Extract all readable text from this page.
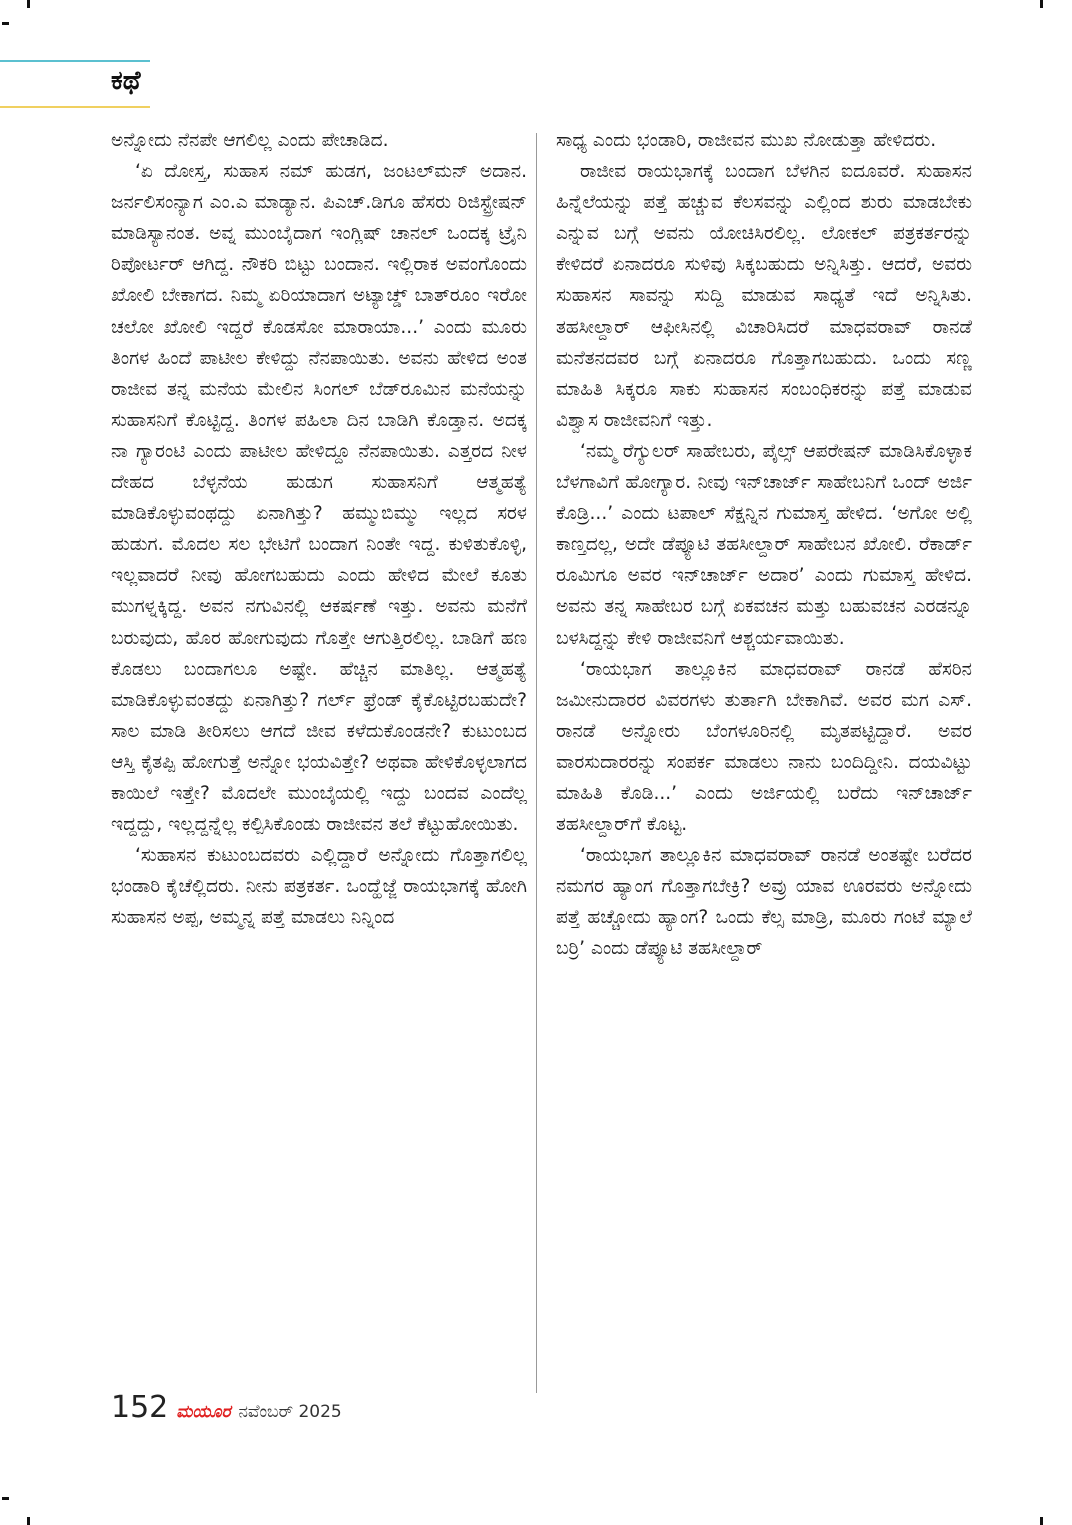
ಕಥೆ

ಅನ್ನೋದು ನೆನಪೇ ಆಗಲಿಲ್ಲ ಎಂದು ಪೇಚಾಡಿದ.

‘ಏ ದೋಸ್ತ, ಸುಹಾಸ ನಮ್ ಹುಡಗ, ಜಂಟಲ್‌ಮನ್ ಅದಾನ. ಜರ್ನಲಿಸಂನ್ಯಾಗ ಎಂ.ಎ ಮಾಡ್ಯಾನ. ಪಿಎಚ್.ಡಿಗೂ ಹೆಸರು ರಿಜಿಸ್ಟ್ರೇಷನ್ ಮಾಡಿಸ್ಯಾನಂತ. ಅವ್ನ ಮುಂಬೈದಾಗ ಇಂಗ್ಲಿಷ್ ಚಾನಲ್ ಒಂದಕ್ಕ ಟ್ರೈನಿ ರಿಪೋರ್ಟರ್ ಆಗಿದ್ದ. ನೌಕರಿ ಬಿಟ್ಟು ಬಂದಾನ. ಇಲ್ಲಿರಾಕ ಅವಂಗೊಂದು ಖೋಲಿ ಬೇಕಾಗದ. ನಿಮ್ಮ ಏರಿಯಾದಾಗ ಅಟ್ಯಾಚ್ಡ್ ಬಾತ್‌ರೂಂ ಇರೋ ಚಲೋ ಖೋಲಿ ಇದ್ದರೆ ಕೊಡಸೋ ಮಾರಾಯಾ...’ ಎಂದು ಮೂರು ತಿಂಗಳ ಹಿಂದೆ ಪಾಟೀಲ ಕೇಳಿದ್ದು ನೆನಪಾಯಿತು. ಅವನು ಹೇಳಿದ ಅಂತ ರಾಜೀವ ತನ್ನ ಮನೆಯ ಮೇಲಿನ ಸಿಂಗಲ್ ಬೆಡ್‌ರೂಮಿನ ಮನೆಯನ್ನು ಸುಹಾಸನಿಗೆ ಕೊಟ್ಟಿದ್ದ. ತಿಂಗಳ ಪಹಿಲಾ ದಿನ ಬಾಡಿಗಿ ಕೊಡ್ತಾನ. ಅದಕ್ಕ ನಾ ಗ್ಯಾರಂಟಿ ಎಂದು ಪಾಟೀಲ ಹೇಳಿದ್ದೂ ನೆನಪಾಯಿತು. ಎತ್ತರದ ನೀಳ ದೇಹದ ಬೆಳ್ಳನೆಯ ಹುಡುಗ ಸುಹಾಸನಿಗೆ ಆತ್ಮಹತ್ಯೆ ಮಾಡಿಕೊಳ್ಳುವಂಥದ್ದು ಏನಾಗಿತ್ತು? ಹಮ್ಮುಬಿಮ್ಮು ಇಲ್ಲದ ಸರಳ ಹುಡುಗ. ಮೊದಲ ಸಲ ಭೇಟಿಗೆ ಬಂದಾಗ ನಿಂತೇ ಇದ್ದ. ಕುಳಿತುಕೊಳ್ಳಿ, ಇಲ್ಲವಾದರೆ ನೀವು ಹೋಗಬಹುದು ಎಂದು ಹೇಳಿದ ಮೇಲೆ ಕೂತು ಮುಗಳ್ನಕ್ಕಿದ್ದ. ಅವನ ನಗುವಿನಲ್ಲಿ ಆಕರ್ಷಣೆ ಇತ್ತು. ಅವನು ಮನೆಗೆ ಬರುವುದು, ಹೊರ ಹೋಗುವುದು ಗೊತ್ತೇ ಆಗುತ್ತಿರಲಿಲ್ಲ. ಬಾಡಿಗೆ ಹಣ ಕೊಡಲು ಬಂದಾಗಲೂ ಅಷ್ಟೇ. ಹೆಚ್ಚಿನ ಮಾತಿಲ್ಲ. ಆತ್ಮಹತ್ಯೆ ಮಾಡಿಕೊಳ್ಳುವಂತದ್ದು ಏನಾಗಿತ್ತು? ಗರ್ಲ್ ಫ್ರೆಂಡ್ ಕೈಕೊಟ್ಟಿರಬಹುದೇ? ಸಾಲ ಮಾಡಿ ತೀರಿಸಲು ಆಗದೆ ಜೀವ ಕಳೆದುಕೊಂಡನೇ? ಕುಟುಂಬದ ಆಸ್ತಿ ಕೈತಪ್ಪಿ ಹೋಗುತ್ತೆ ಅನ್ನೋ ಭಯವಿತ್ತೇ? ಅಥವಾ ಹೇಳಿಕೊಳ್ಳಲಾಗದ ಕಾಯಿಲೆ ಇತ್ತೇ? ಮೊದಲೇ ಮುಂಬೈಯಲ್ಲಿ ಇದ್ದು ಬಂದವ ಎಂದೆಲ್ಲ ಇದ್ದದ್ದು, ಇಲ್ಲದ್ದನ್ನೆಲ್ಲ ಕಲ್ಪಿಸಿಕೊಂಡು ರಾಜೀವನ ತಲೆ ಕೆಟ್ಟುಹೋಯಿತು.

‘ಸುಹಾಸನ ಕುಟುಂಬದವರು ಎಲ್ಲಿದ್ದಾರೆ ಅನ್ನೋದು ಗೊತ್ತಾಗಲಿಲ್ಲ ಭಂಡಾರಿ ಕೈಚೆಲ್ಲಿದರು. ನೀನು ಪತ್ರಕರ್ತ. ಒಂದ್ಹೆಜ್ಜೆ ರಾಯಭಾಗಕ್ಕೆ ಹೋಗಿ ಸುಹಾಸನ ಅಪ್ಪ, ಅಮ್ಮನ್ನ ಪತ್ತೆ ಮಾಡಲು ನಿನ್ನಿಂದ

ಸಾಧ್ಯ ಎಂದು ಭಂಡಾರಿ, ರಾಜೀವನ ಮುಖ ನೋಡುತ್ತಾ ಹೇಳಿದರು.

ರಾಜೀವ ರಾಯಭಾಗಕ್ಕೆ ಬಂದಾಗ ಬೆಳಗಿನ ಐದೂವರೆ. ಸುಹಾಸನ ಹಿನ್ನೆಲೆಯನ್ನು ಪತ್ತೆ ಹಚ್ಚುವ ಕೆಲಸವನ್ನು ಎಲ್ಲಿಂದ ಶುರು ಮಾಡಬೇಕು ಎನ್ನುವ ಬಗ್ಗೆ ಅವನು ಯೋಚಿಸಿರಲಿಲ್ಲ. ಲೋಕಲ್ ಪತ್ರಕರ್ತರನ್ನು ಕೇಳಿದರೆ ಏನಾದರೂ ಸುಳಿವು ಸಿಕ್ಕಬಹುದು ಅನ್ನಿಸಿತ್ತು. ಆದರೆ, ಅವರು ಸುಹಾಸನ ಸಾವನ್ನು ಸುದ್ದಿ ಮಾಡುವ ಸಾಧ್ಯತೆ ಇದೆ ಅನ್ನಿಸಿತು. ತಹಸೀಲ್ದಾರ್ ಆಫೀಸಿನಲ್ಲಿ ವಿಚಾರಿಸಿದರೆ ಮಾಧವರಾವ್ ರಾನಡೆ ಮನೆತನದವರ ಬಗ್ಗೆ ಏನಾದರೂ ಗೊತ್ತಾಗಬಹುದು. ಒಂದು ಸಣ್ಣ ಮಾಹಿತಿ ಸಿಕ್ಕರೂ ಸಾಕು ಸುಹಾಸನ ಸಂಬಂಧಿಕರನ್ನು ಪತ್ತೆ ಮಾಡುವ ವಿಶ್ವಾಸ ರಾಜೀವನಿಗೆ ಇತ್ತು.

‘ನಮ್ಮ ರೆಗ್ಯುಲರ್ ಸಾಹೇಬರು, ಪೈಲ್ಸ್ ಆಪರೇಷನ್ ಮಾಡಿಸಿಕೊಳ್ಳಾಕ ಬೆಳಗಾವಿಗೆ ಹೋಗ್ಯಾರ. ನೀವು ಇನ್‌ಚಾರ್ಜ್ ಸಾಹೇಬನಿಗೆ ಒಂದ್ ಅರ್ಜಿ ಕೊಡ್ರಿ...’ ಎಂದು ಟಪಾಲ್ ಸೆಕ್ಷನ್ನಿನ ಗುಮಾಸ್ತ ಹೇಳಿದ. ‘ಅಗೋ ಅಲ್ಲಿ ಕಾಣ್ತದಲ್ಲ, ಅದೇ ಡೆಪ್ಯೂಟಿ ತಹಸೀಲ್ದಾರ್ ಸಾಹೇಬನ ಖೋಲಿ. ರೆಕಾರ್ಡ್ ರೂಮಿಗೂ ಅವರ ಇನ್‌ಚಾರ್ಜ್ ಅದಾರ’ ಎಂದು ಗುಮಾಸ್ತ ಹೇಳಿದ. ಅವನು ತನ್ನ ಸಾಹೇಬರ ಬಗ್ಗೆ ಏಕವಚನ ಮತ್ತು ಬಹುವಚನ ಎರಡನ್ನೂ ಬಳಸಿದ್ದನ್ನು ಕೇಳಿ ರಾಜೀವನಿಗೆ ಆಶ್ಚರ್ಯವಾಯಿತು.

‘ರಾಯಭಾಗ ತಾಲ್ಲೂಕಿನ ಮಾಧವರಾವ್ ರಾನಡೆ ಹೆಸರಿನ ಜಮೀನುದಾರರ ವಿವರಗಳು ತುರ್ತಾಗಿ ಬೇಕಾಗಿವೆ. ಅವರ ಮಗ ಎಸ್. ರಾನಡೆ ಅನ್ನೋರು ಬೆಂಗಳೂರಿನಲ್ಲಿ ಮೃತಪಟ್ಟಿದ್ದಾರೆ. ಅವರ ವಾರಸುದಾರರನ್ನು ಸಂಪರ್ಕ ಮಾಡಲು ನಾನು ಬಂದಿದ್ದೀನಿ. ದಯವಿಟ್ಟು ಮಾಹಿತಿ ಕೊಡಿ...’ ಎಂದು ಅರ್ಜಿಯಲ್ಲಿ ಬರೆದು ಇನ್‌ಚಾರ್ಜ್ ತಹಸೀಲ್ದಾರ್‌ಗೆ ಕೊಟ್ಟ.

‘ರಾಯಭಾಗ ತಾಲ್ಲೂಕಿನ ಮಾಧವರಾವ್ ರಾನಡೆ ಅಂತಷ್ಟೇ ಬರೆದರ ನಮಗರ ಹ್ಯಾಂಗ ಗೊತ್ತಾಗಬೇಕ್ರಿ? ಅವ್ರು ಯಾವ ಊರವರು ಅನ್ನೋದು ಪತ್ತೆ ಹಚ್ಚೋದು ಹ್ಯಾಂಗ? ಒಂದು ಕೆಲ್ಸ ಮಾಡ್ರಿ, ಮೂರು ಗಂಟೆ ಮ್ಯಾಲೆ ಬರ್ರಿ’ ಎಂದು ಡೆಪ್ಯೂಟಿ ತಹಸೀಲ್ದಾರ್

152 ಮಯೂರ ನವೆಂಬರ್ 2025
